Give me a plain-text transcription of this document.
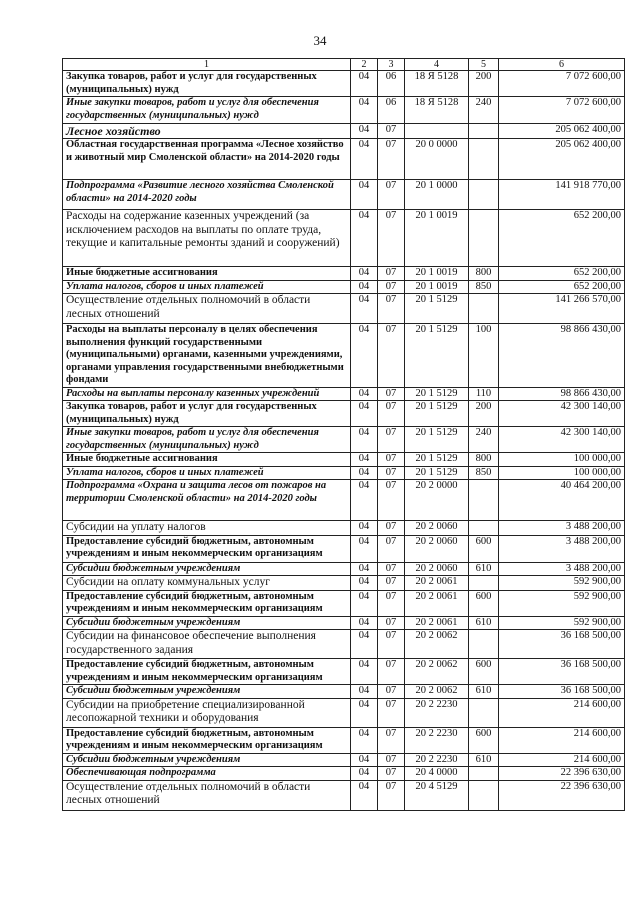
34
1	2	3	4	5	6
Закупка товаров, работ и услуг для государственных (муниципальных) нужд	04	06	18 Я 5128	200	7 072 600,00
Иные закупки товаров, работ и услуг для обеспечения государственных (муниципальных) нужд	04	06	18 Я 5128	240	7 072 600,00
Лесное хозяйство	04	07			205 062 400,00
Областная государственная программа «Лесное хозяйство и животный мир Смоленской области» на 2014-2020 годы	04	07	20 0 0000		205 062 400,00
Подпрограмма «Развитие лесного хозяйства Смоленской области» на 2014-2020 годы	04	07	20 1 0000		141 918 770,00
Расходы на содержание казенных учреждений (за исключением расходов на выплаты по оплате труда, текущие и капитальные ремонты зданий и сооружений)	04	07	20 1 0019		652 200,00
Иные бюджетные ассигнования	04	07	20 1 0019	800	652 200,00
Уплата налогов, сборов и иных платежей	04	07	20 1 0019	850	652 200,00
Осуществление отдельных полномочий в области лесных отношений	04	07	20 1 5129		141 266 570,00
Расходы на выплаты персоналу в целях обеспечения выполнения функций государственными (муниципальными) органами, казенными учреждениями, органами управления государственными внебюджетными фондами	04	07	20 1 5129	100	98 866 430,00
Расходы на выплаты персоналу казенных учреждений	04	07	20 1 5129	110	98 866 430,00
Закупка товаров, работ и услуг для государственных (муниципальных) нужд	04	07	20 1 5129	200	42 300 140,00
Иные закупки товаров, работ и услуг для обеспечения государственных (муниципальных) нужд	04	07	20 1 5129	240	42 300 140,00
Иные бюджетные ассигнования	04	07	20 1 5129	800	100 000,00
Уплата налогов, сборов и иных платежей	04	07	20 1 5129	850	100 000,00
Подпрограмма «Охрана и защита лесов от пожаров на территории Смоленской области» на 2014-2020 годы	04	07	20 2 0000		40 464 200,00
Субсидии на уплату налогов	04	07	20 2 0060		3 488 200,00
Предоставление субсидий бюджетным, автономным учреждениям и иным некоммерческим организациям	04	07	20 2 0060	600	3 488 200,00
Субсидии бюджетным учреждениям	04	07	20 2 0060	610	3 488 200,00
Субсидии на оплату коммунальных услуг	04	07	20 2 0061		592 900,00
Предоставление субсидий бюджетным, автономным учреждениям и иным некоммерческим организациям	04	07	20 2 0061	600	592 900,00
Субсидии бюджетным учреждениям	04	07	20 2 0061	610	592 900,00
Субсидии на финансовое обеспечение выполнения государственного задания	04	07	20 2 0062		36 168 500,00
Предоставление субсидий бюджетным, автономным учреждениям и иным некоммерческим организациям	04	07	20 2 0062	600	36 168 500,00
Субсидии бюджетным учреждениям	04	07	20 2 0062	610	36 168 500,00
Субсидии на приобретение специализированной лесопожарной техники и оборудования	04	07	20 2 2230		214 600,00
Предоставление субсидий бюджетным, автономным учреждениям и иным некоммерческим организациям	04	07	20 2 2230	600	214 600,00
Субсидии бюджетным учреждениям	04	07	20 2 2230	610	214 600,00
Обеспечивающая подпрограмма	04	07	20 4 0000		22 396 630,00
Осуществление отдельных полномочий в области лесных отношений	04	07	20 4 5129		22 396 630,00
